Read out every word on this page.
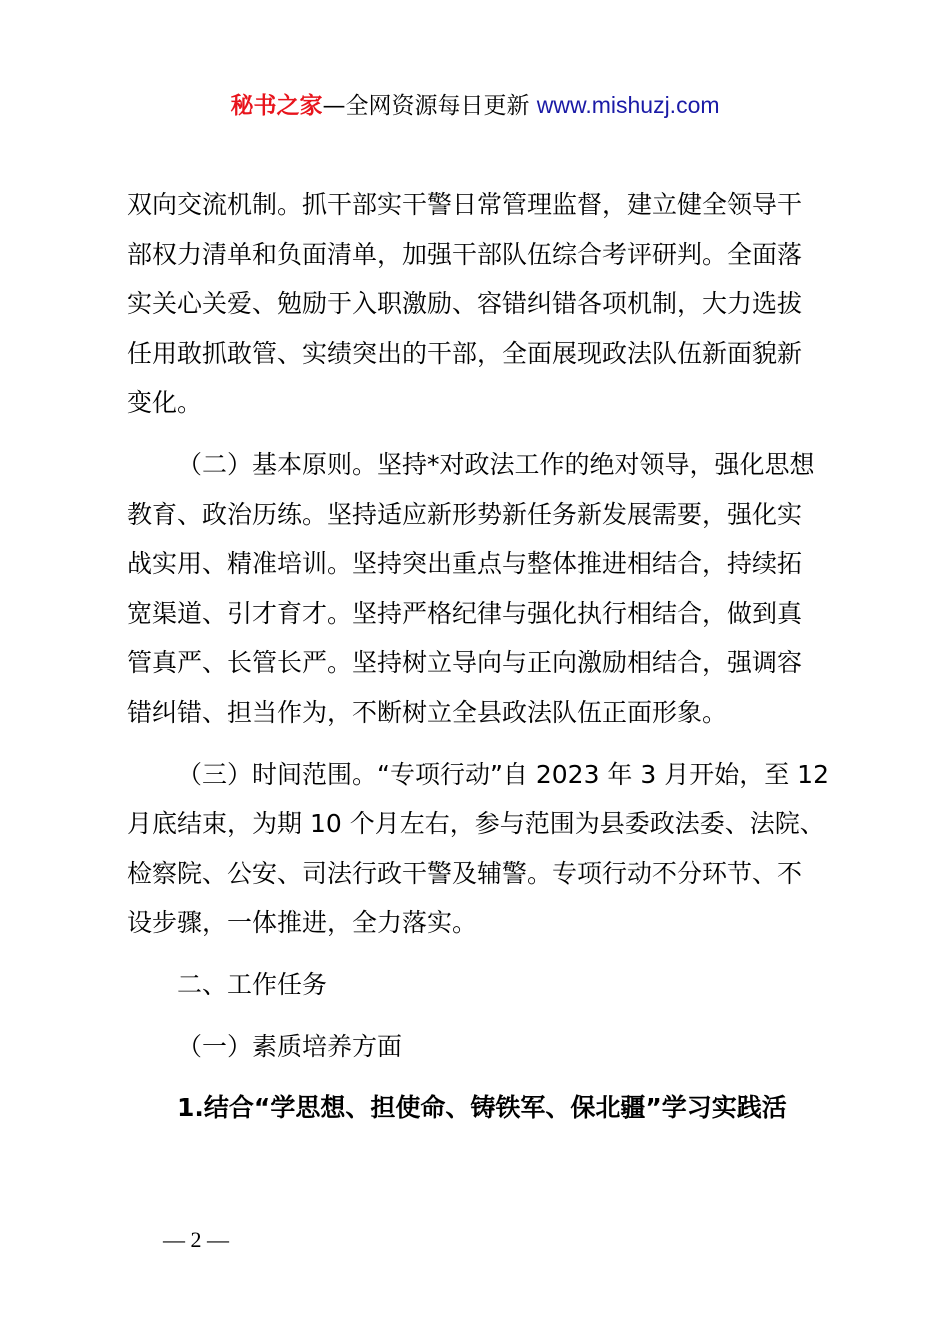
秘书之家—全网资源每日更新 www.mishuzj.com

双向交流机制。抓干部实干警日常管理监督，建立健全领导干
部权力清单和负面清单，加强干部队伍综合考评研判。全面落
实关心关爱、勉励于入职激励、容错纠错各项机制，大力选拔
任用敢抓敢管、实绩突出的干部，全面展现政法队伍新面貌新
变化。

（二）基本原则。坚持*对政法工作的绝对领导，强化思想
教育、政治历练。坚持适应新形势新任务新发展需要，强化实
战实用、精准培训。坚持突出重点与整体推进相结合，持续拓
宽渠道、引才育才。坚持严格纪律与强化执行相结合，做到真
管真严、长管长严。坚持树立导向与正向激励相结合，强调容
错纠错、担当作为，不断树立全县政法队伍正面形象。

（三）时间范围。“专项行动”自 2023 年 3 月开始，至 12
月底结束，为期 10 个月左右，参与范围为县委政法委、法院、
检察院、公安、司法行政干警及辅警。专项行动不分环节、不
设步骤，一体推进，全力落实。

二、工作任务

（一）素质培养方面

1.结合“学思想、担使命、铸铁军、保北疆”学习实践活

— 2 —
